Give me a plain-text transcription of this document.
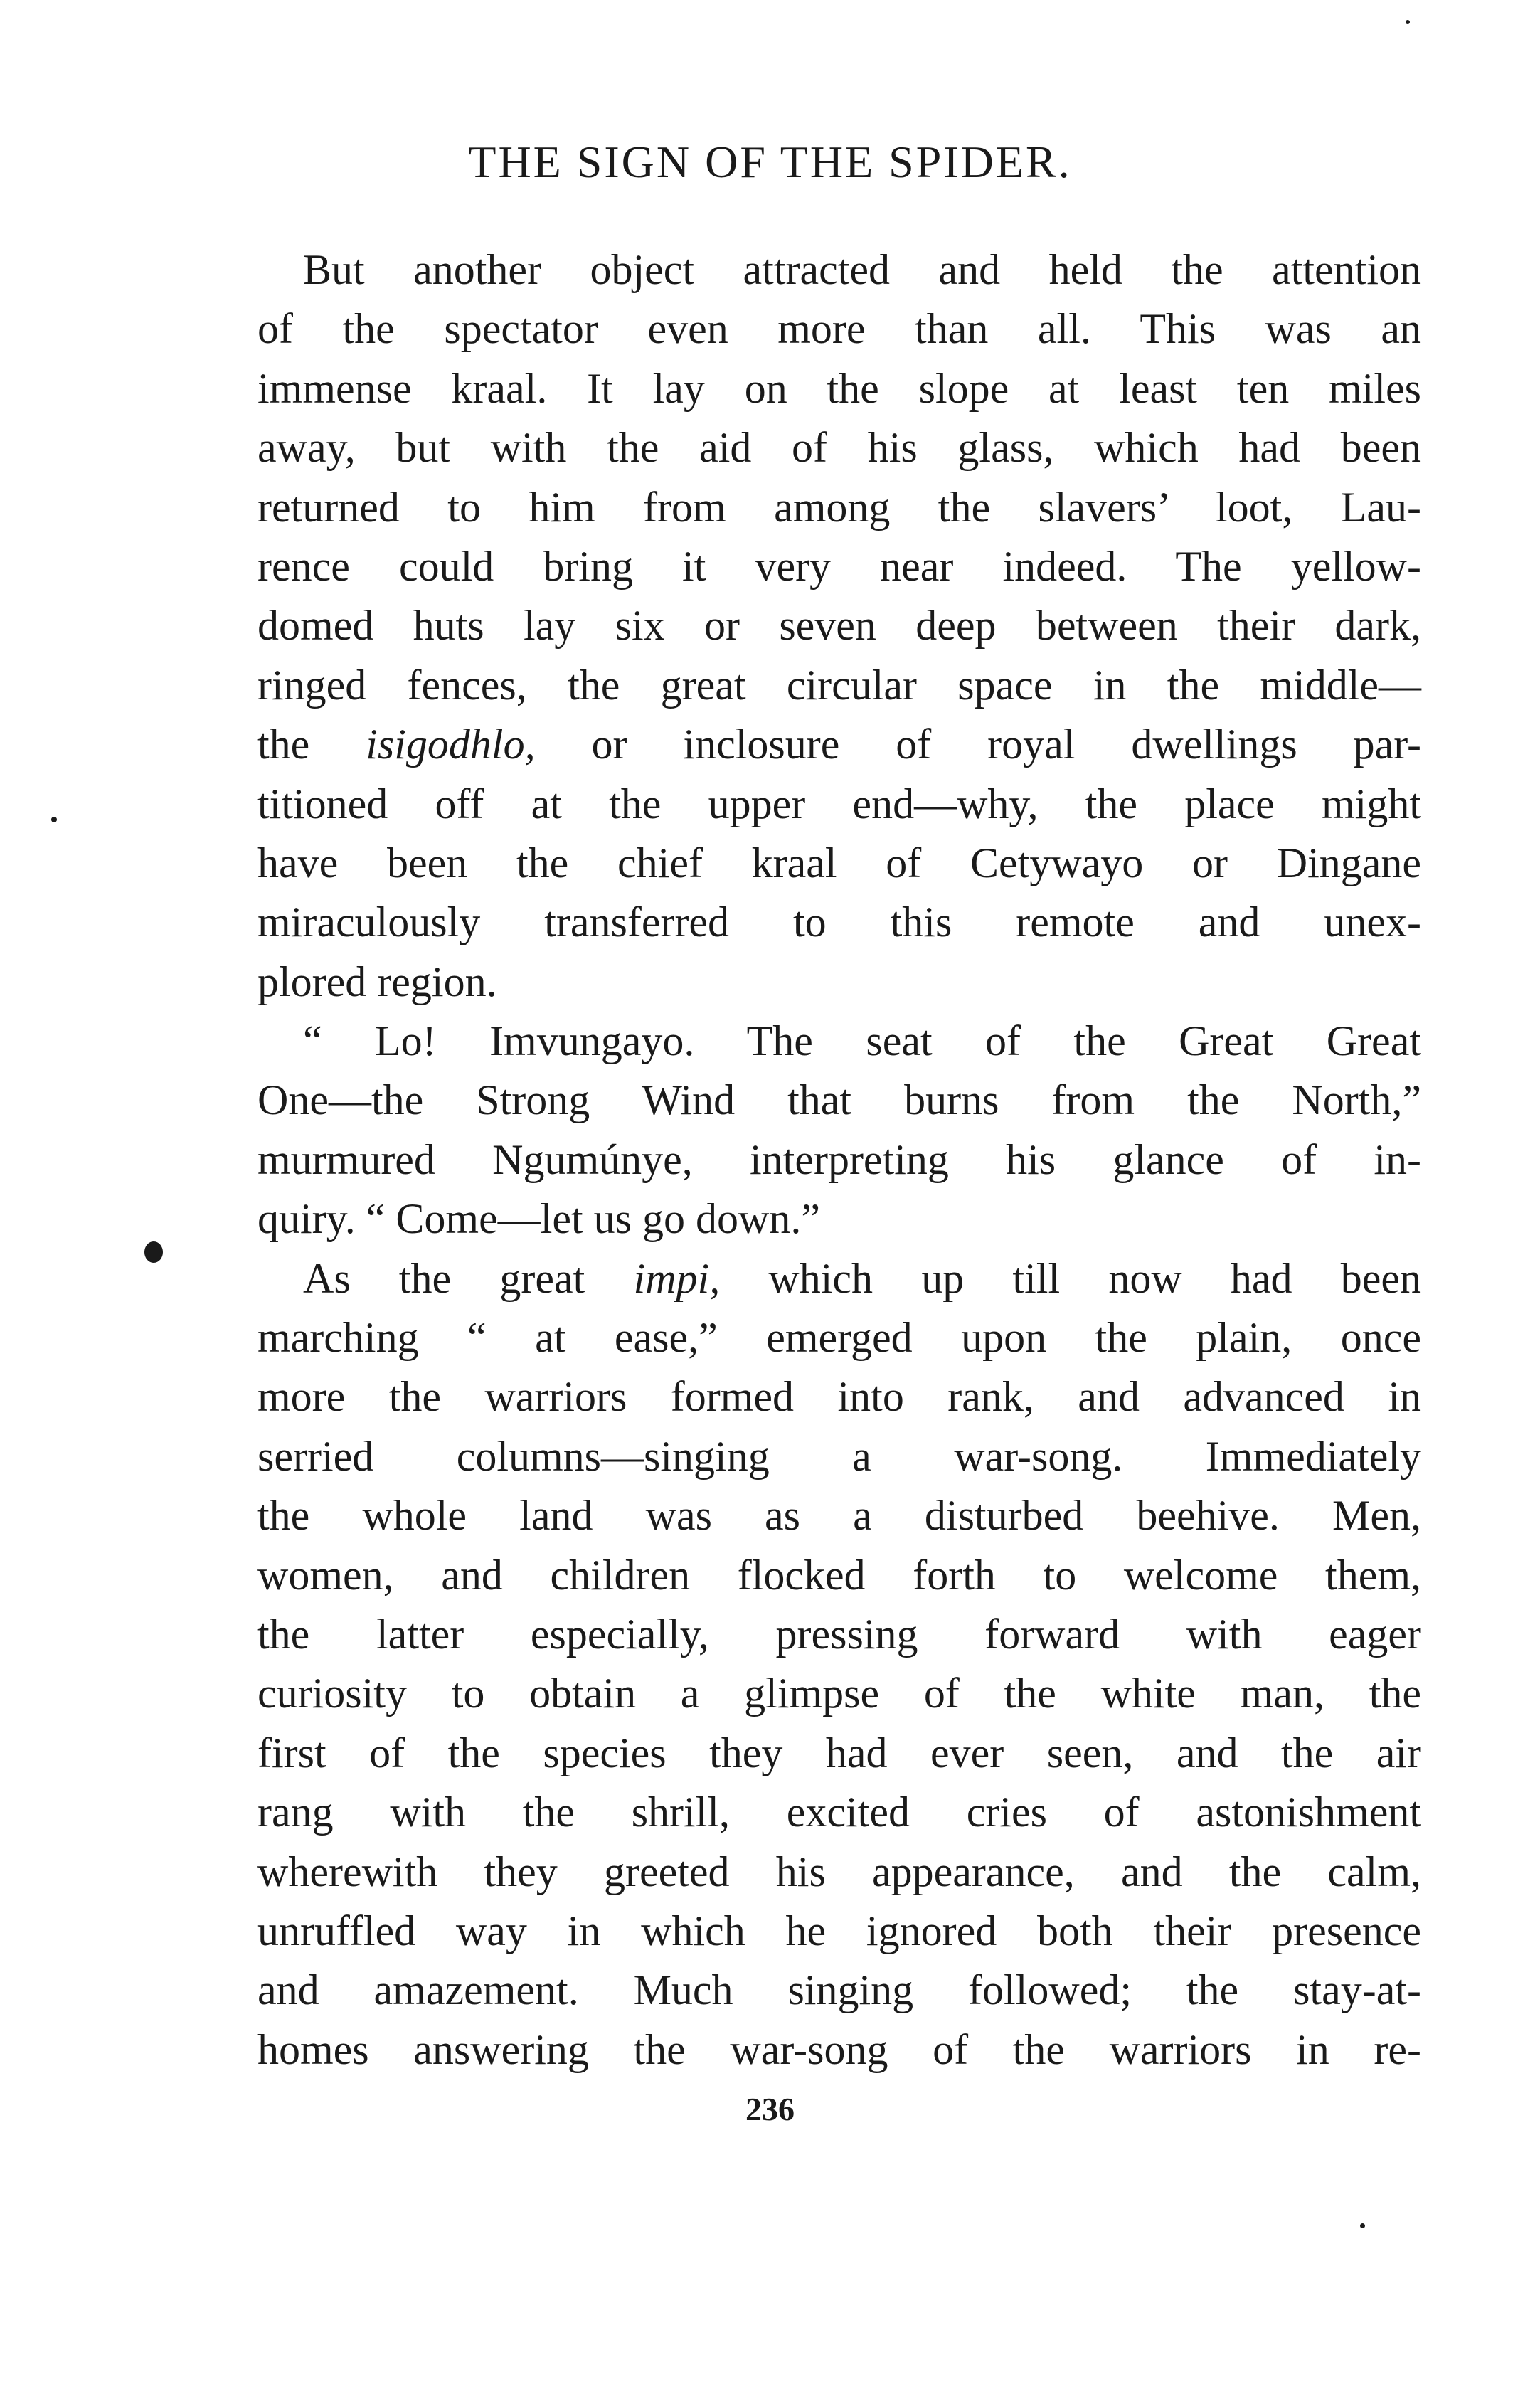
THE SIGN OF THE SPIDER.
But another object attracted and held the attention
of the spectator even more than all. This was an
immense kraal. It lay on the slope at least ten miles
away, but with the aid of his glass, which had been
returned to him from among the slavers’ loot, Lau-
rence could bring it very near indeed. The yellow-
domed huts lay six or seven deep between their dark,
ringed fences, the great circular space in the middle—
the isigodhlo, or inclosure of royal dwellings par-
titioned off at the upper end—why, the place might
have been the chief kraal of Cetywayo or Dingane
miraculously transferred to this remote and unex-
plored region.
“ Lo! Imvungayo. The seat of the Great Great
One—the Strong Wind that burns from the North,”
murmured Ngumúnye, interpreting his glance of in-
quiry. “ Come—let us go down.”
As the great impi, which up till now had been
marching “ at ease,” emerged upon the plain, once
more the warriors formed into rank, and advanced in
serried columns—singing a war-song. Immediately
the whole land was as a disturbed beehive. Men,
women, and children flocked forth to welcome them,
the latter especially, pressing forward with eager
curiosity to obtain a glimpse of the white man, the
first of the species they had ever seen, and the air
rang with the shrill, excited cries of astonishment
wherewith they greeted his appearance, and the calm,
unruffled way in which he ignored both their presence
and amazement. Much singing followed; the stay-at-
homes answering the war-song of the warriors in re-
236
